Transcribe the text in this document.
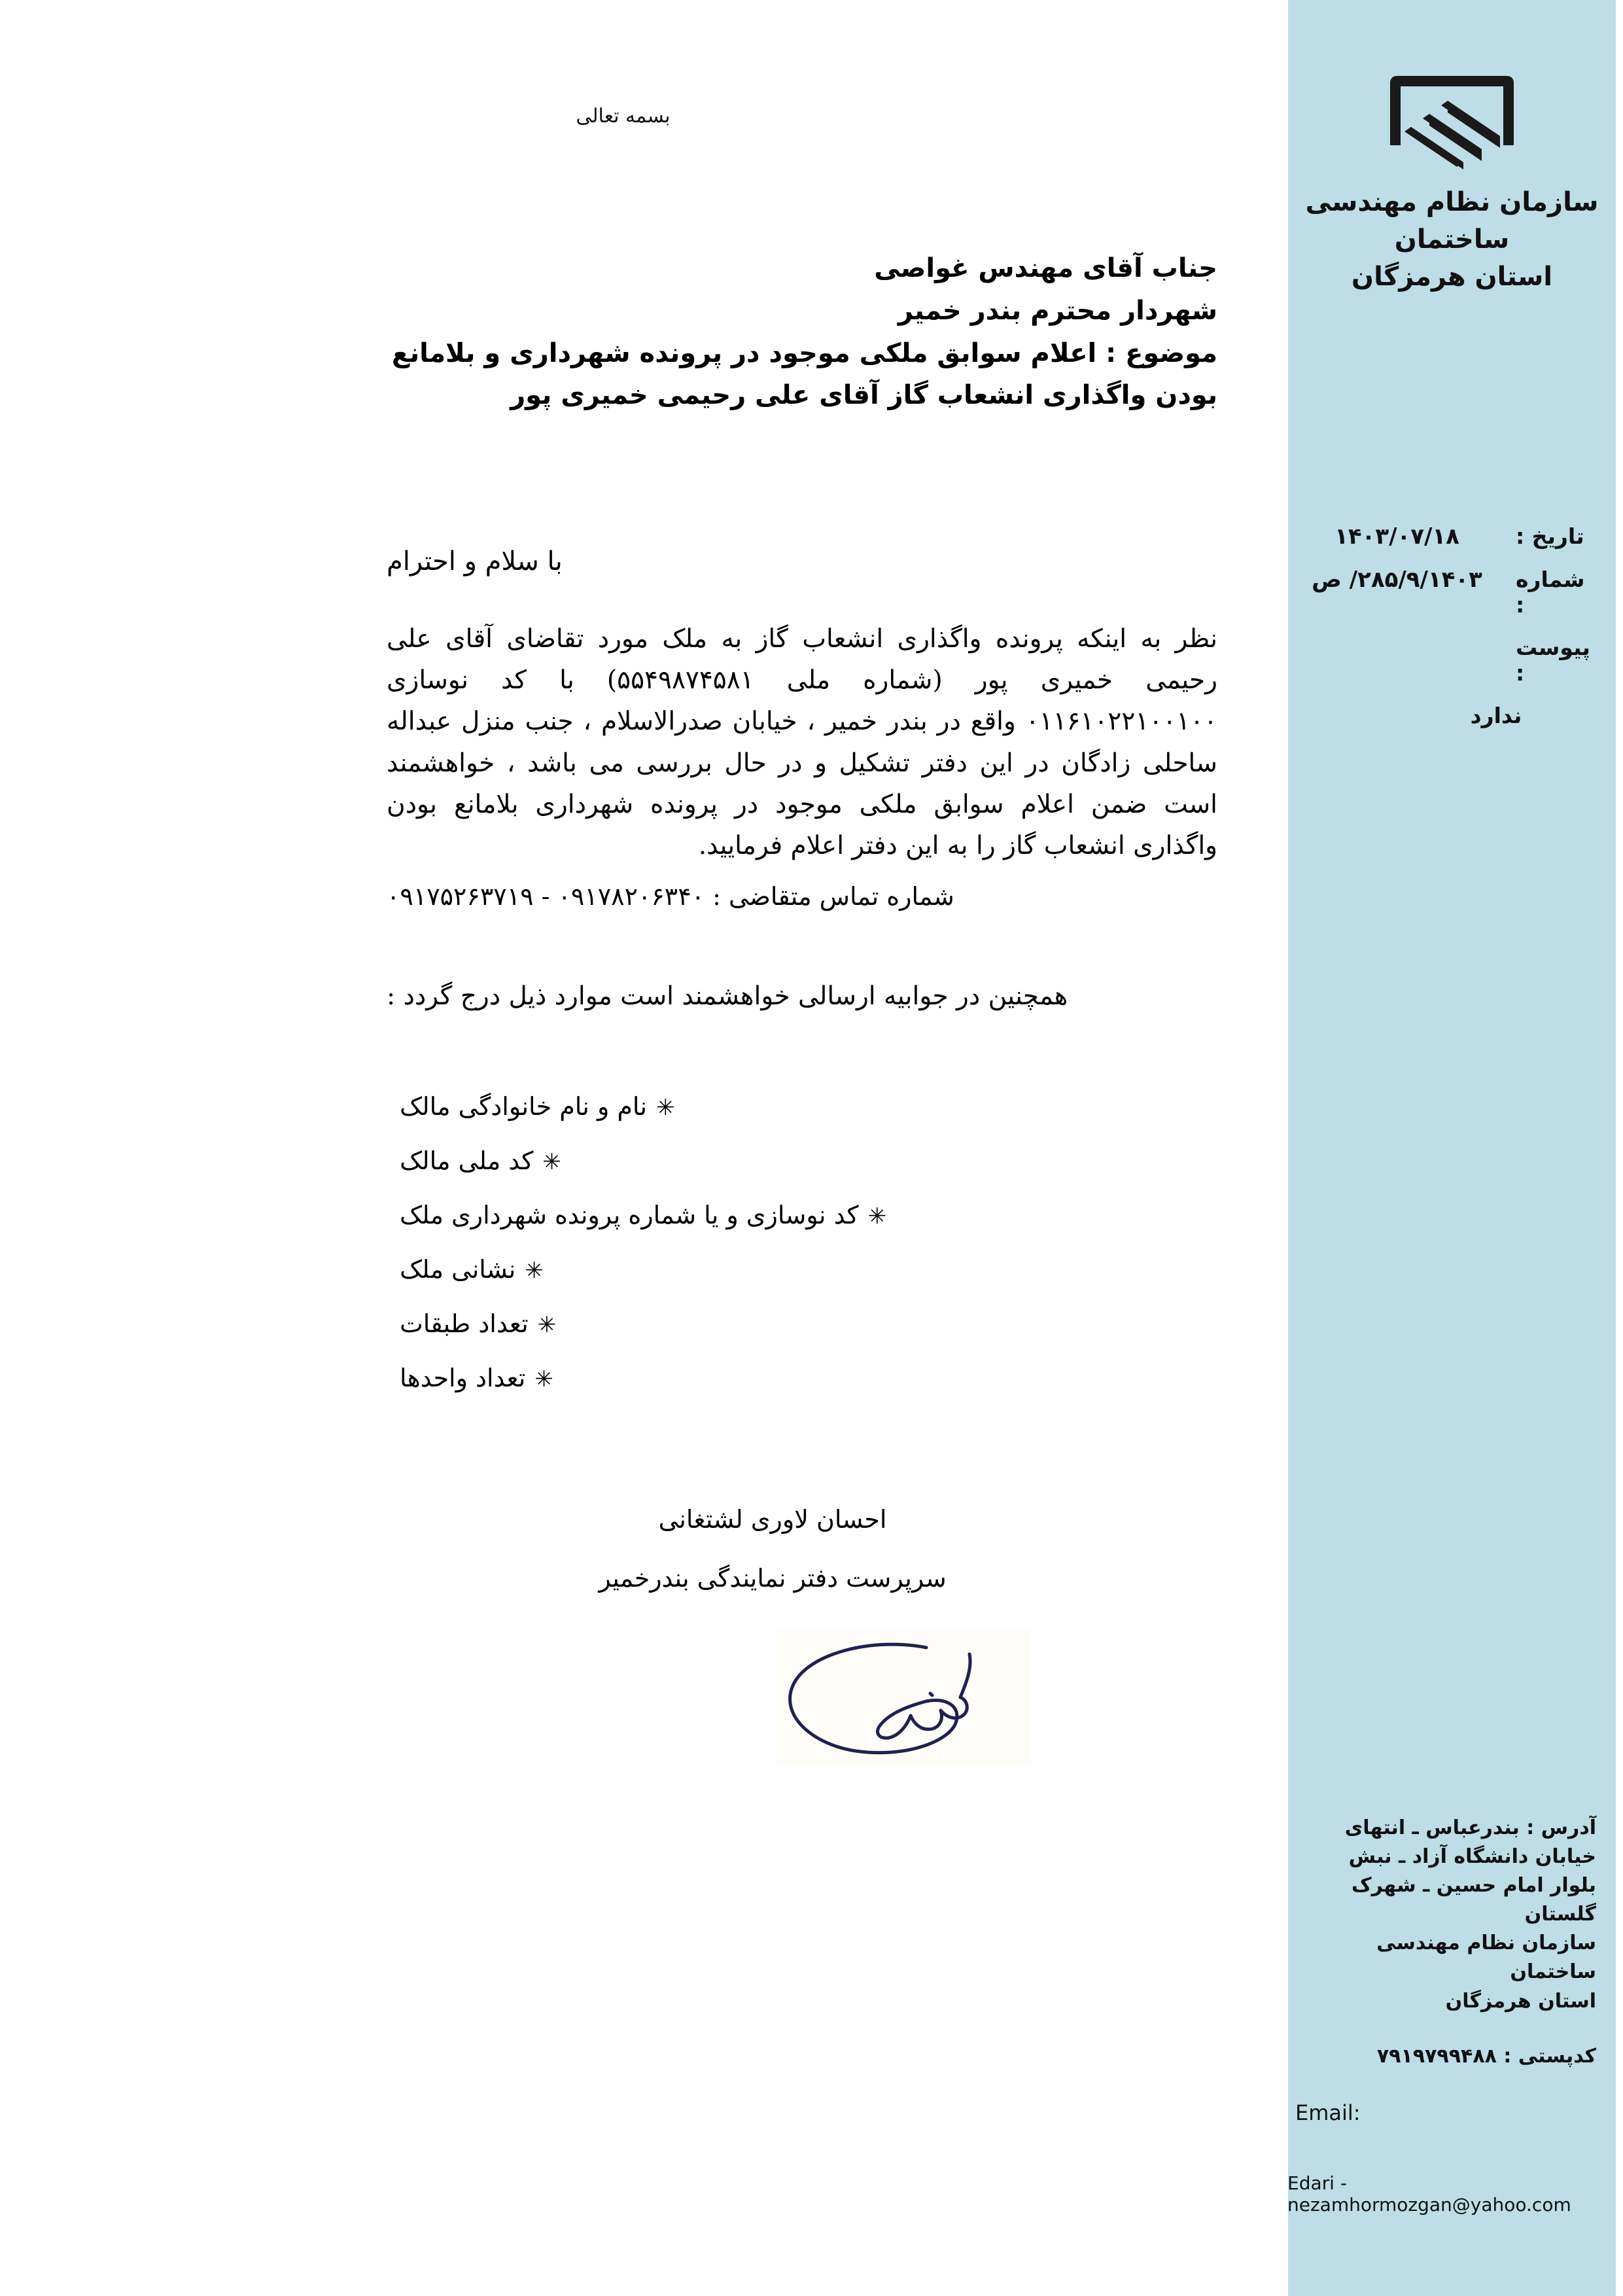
سازمان نظام مهندسی ساختمان
استان هرمزگان
تاریخ :
۱۴۰۳/۰۷/۱۸
شماره :
۲۸۵/۹/۱۴۰۳/ ص
پیوست :
ندارد
آدرس : بندرعباس ـ انتهای
خیابان دانشگاه آزاد ـ نبش
بلوار امام حسین ـ شهرک
گلستان
سازمان نظام مهندسی ساختمان
استان هرمزگان
کدپستی : ۷۹۱۹۷۹۹۴۸۸
Email:
Edari - nezamhormozgan@yahoo.com
بسمه تعالی
جناب آقای مهندس غواصی
شهردار محترم بندر خمیر
موضوع : اعلام سوابق ملکی موجود در پرونده شهرداری و بلامانع بودن واگذاری انشعاب گاز آقای علی رحیمی خمیری پور
با سلام و احترام
نظر به اینکه پرونده واگذاری انشعاب گاز به ملک مورد تقاضای آقای علی رحیمی خمیری پور (شماره ملی ۵۵۴۹۸۷۴۵۸۱) با کد نوسازی ۰۱۱۶۱۰۲۲۱۰۰۱۰۰ واقع در بندر خمیر ، خیابان صدرالاسلام ، جنب منزل عبداله ساحلی زادگان در این دفتر تشکیل و در حال بررسی می باشد ، خواهشمند است ضمن اعلام سوابق ملکی موجود در پرونده شهرداری بلامانع بودن واگذاری انشعاب گاز را به این دفتر اعلام فرمایید.
شماره تماس متقاضی : ۰۹۱۷۸۲۰۶۳۴۰ - ۰۹۱۷۵۲۶۳۷۱۹
همچنین در جوابیه ارسالی خواهشمند است موارد ذیل درج گردد :
✳نام و نام خانوادگی مالک
✳کد ملی مالک
✳کد نوسازی و یا شماره پرونده شهرداری ملک
✳نشانی ملک
✳تعداد طبقات
✳تعداد واحدها
احسان لاوری لشتغانی
سرپرست دفتر نمایندگی بندرخمیر
